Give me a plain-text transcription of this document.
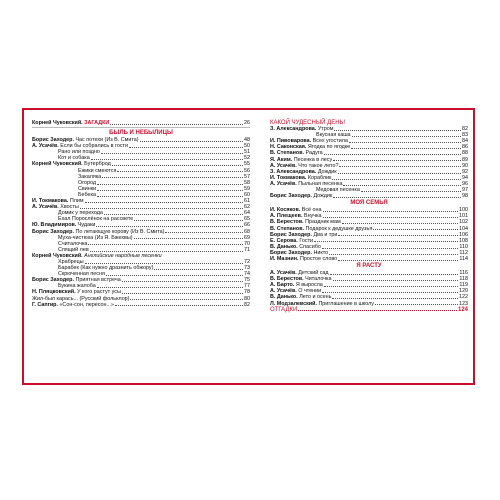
Корней Чуковский. ЗАГАДКИ	26
БЫЛЬ И НЕБЫЛИЦЫ
Борис Заходер. Час потехи (Из В. Смита)	48
А. Усачёв. Если бы собрались в гости	50
Рано или поздно	51
Кот и собака	52
Корней Чуковский. Бутерброд	55
Ежики смеются	56
Закаляка	57
Огород	58
Свинки	59
Бебека	60
И. Токмакова. Плим	61
А. Усачёв. Хвосты	62
Домик у перехода	64
Ехал Порослёнок на рассвете	65
Ю. Владимиров. Чудаки	66
Борис Заходер. По летающую корову (Из В. Смита)	68
Муха-чистюха (Из Я. Бжехвы)	69
Считалочка	70
Спящий лев	71
Корней Чуковский. Английские народные песенки
Храбрецы	72
Барабек (Как нужно дразнить обжору)	73
Скрюченная песня	74
Борис Заходер. Приятная встреча	75
Букина жалоба	77
Н. Пляцковский. У кого растут усы	78
Жил-был карась... (Русский фольклор)	80
Г. Сапгир. «Сон-сон, пересон...»	82
КАКОЙ ЧУДЕСНЫЙ ДЕНЬ!
З. Александрова. Утром	82
Вкусная каша	83
И. Пивоварова. Всех угостила	84
Н. Саконская. Ягодка по ягодке	86
В. Степанов. Радуга	88
Я. Аким. Песенка в лесу	89
А. Усачёв. Что такое лето?	90
З. Александрова. Дождик	92
И. Токмакова. Кораблик	94
А. Усачёв. Пыльная песенка	96
Медовая песенка	97
Борис Заходер. Дождик	98
МОЯ СЕМЬЯ
И. Косяков. Всё она	100
А. Плещеев. Внучка	101
В. Берестов. Праздник мам	102
В. Степанов. Подарок к дедушке друзья	104
Борис Заходер. Два и три	106
Е. Серова. Гости	108
В. Данько. Спасибо	110
Борис Заходер. Никто	112
И. Мазнин. Простое слово	114
Я РАСТУ
А. Усачёв. Детский сад	116
В. Берестов. Читалочка	118
А. Барто. Я выросла	119
А. Усачёв. О чтении	120
В. Данько. Лето и осень	122
Л. Модзалевский. Приглашение в школу	123
ОТГАДКИ	124
